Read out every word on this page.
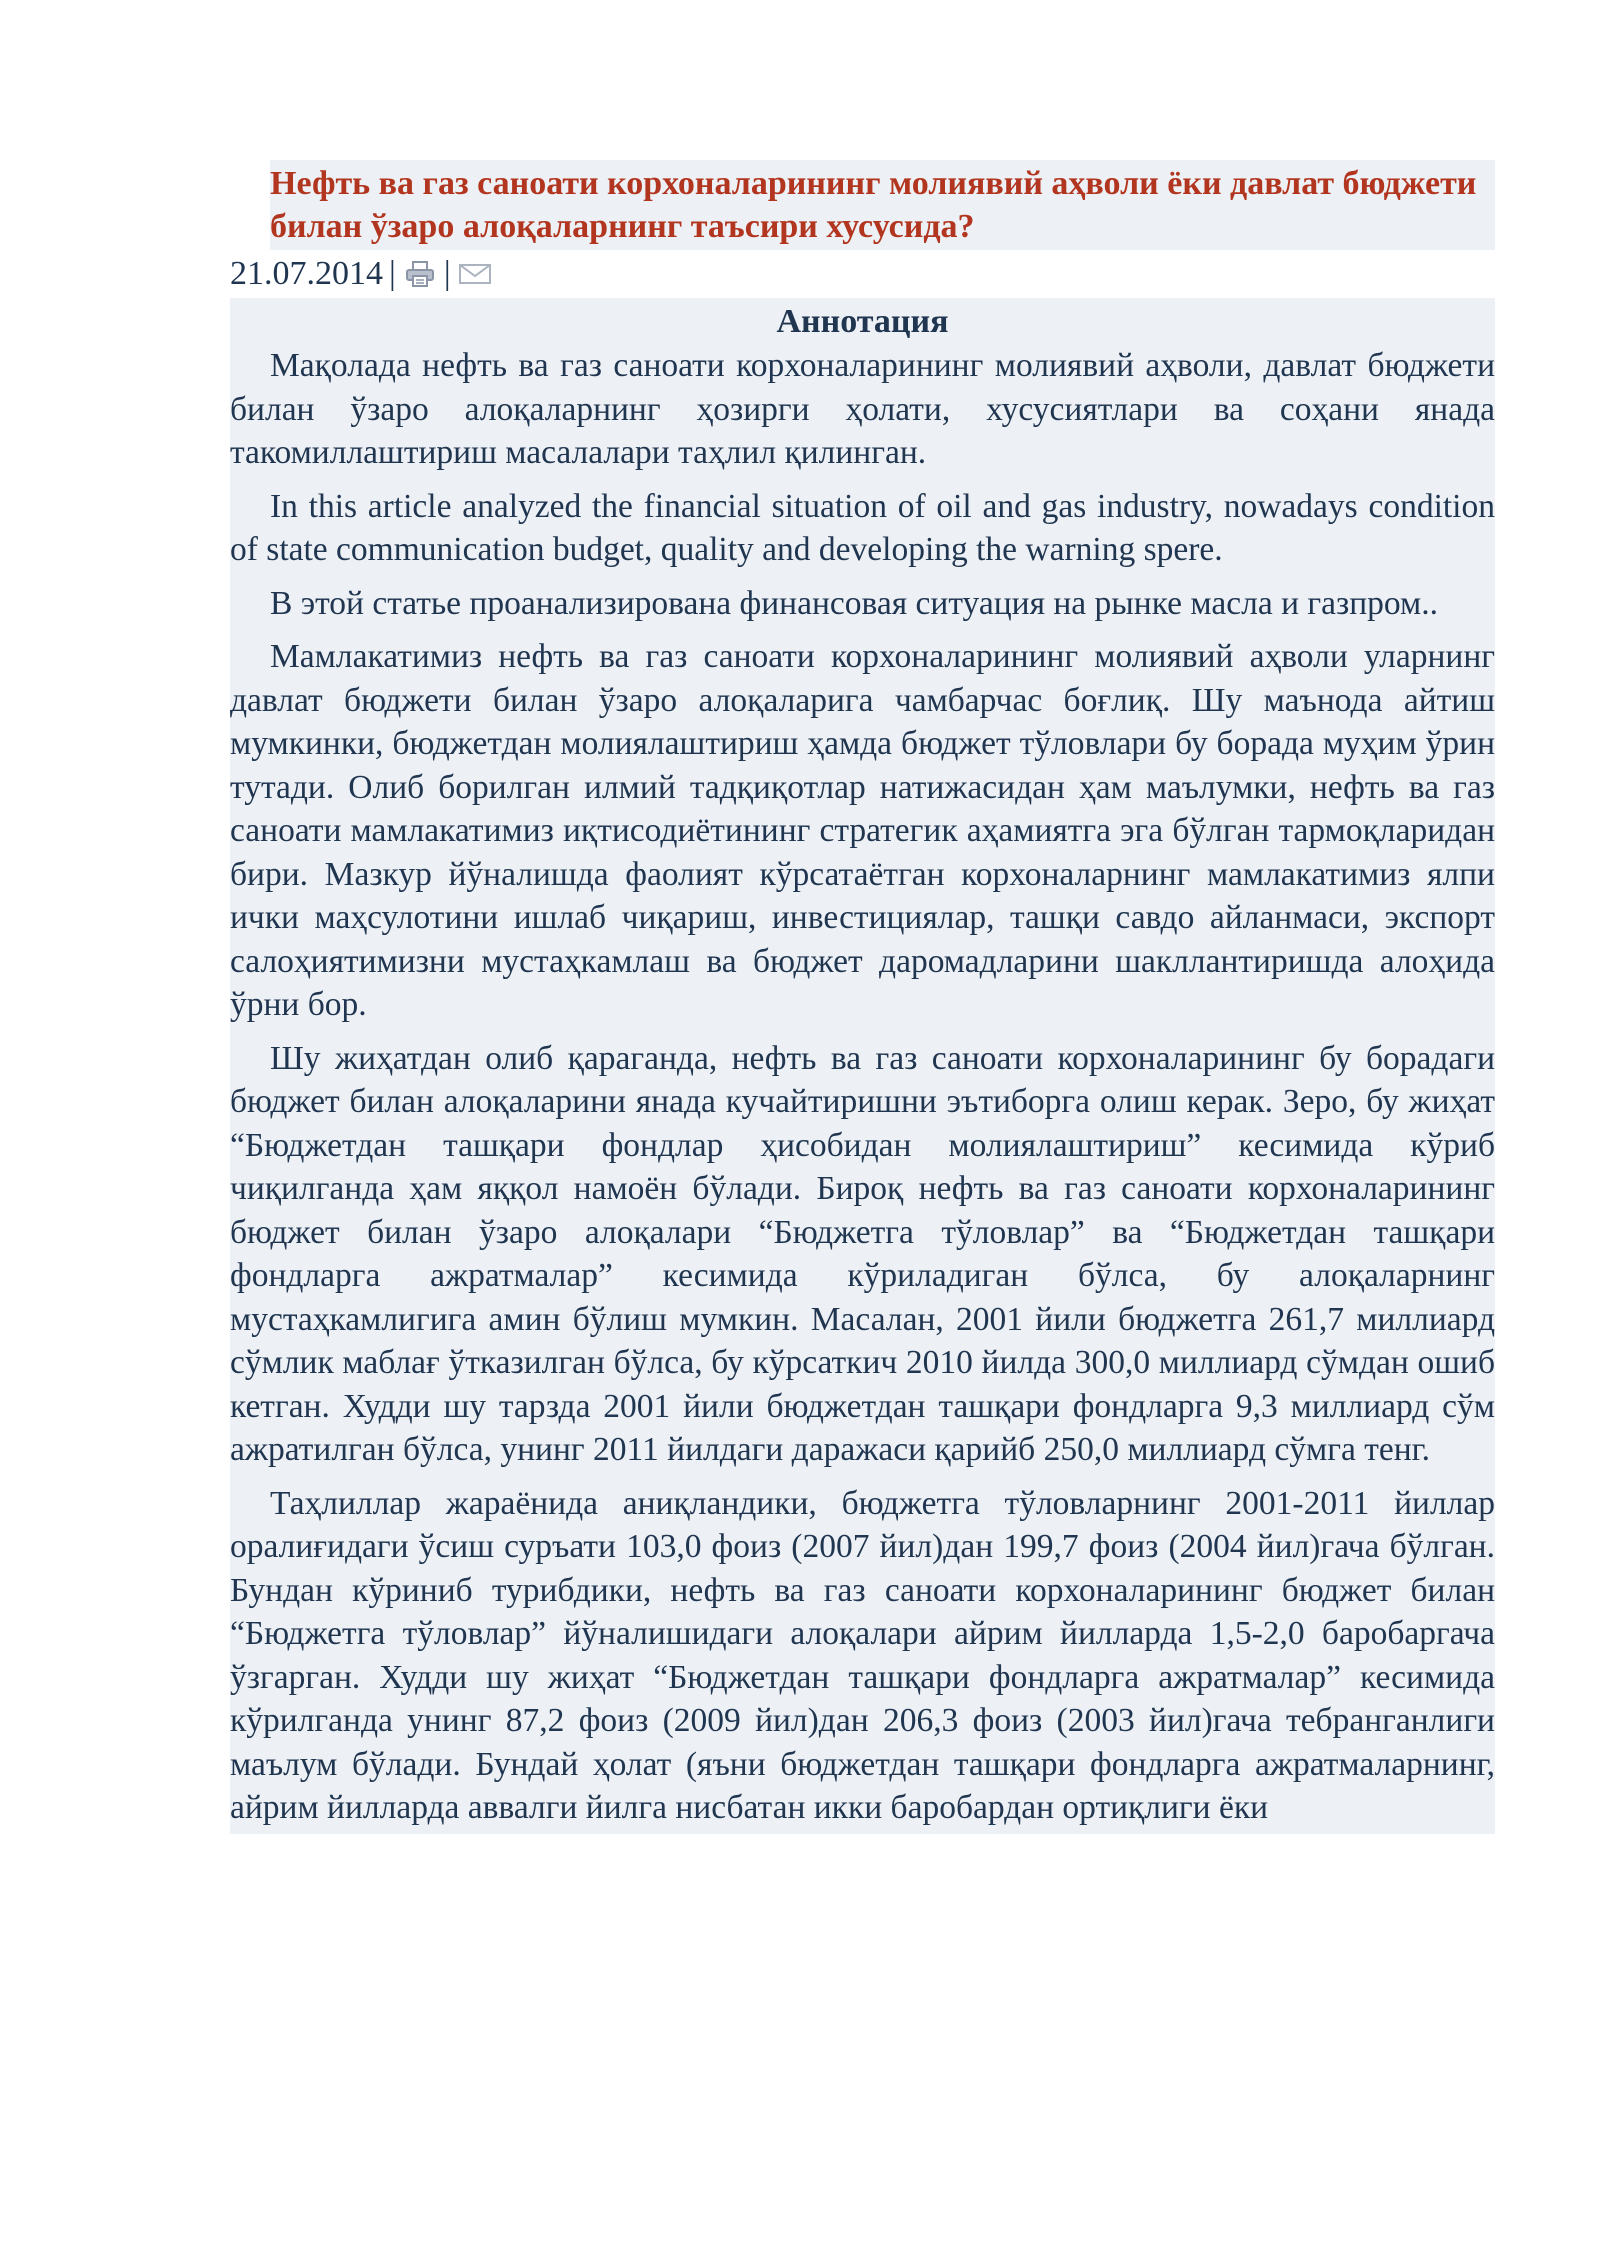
Нефть ва газ саноати корхоналарининг молиявий аҳволи ёки давлат бюджети билан ўзаро алоқаларнинг таъсири хусусида?
21.07.2014 | |
Аннотация

Мақолада нефть ва газ саноати корхоналарининг молиявий аҳволи, давлат бюджети билан ўзаро алоқаларнинг ҳозирги ҳолати, хусусиятлари ва соҳани янада такомиллаштириш масалалари таҳлил қилинган.

In this article analyzed the financial situation of oil and gas industry, nowadays condition of state communication budget, quality and developing the warning spere.

В этой статье проанализирована финансовая ситуация на рынке масла и газпром..

Мамлакатимиз нефть ва газ саноати корхоналарининг молиявий аҳволи уларнинг давлат бюджети билан ўзаро алоқаларига чамбарчас боғлиқ. Шу маънода айтиш мумкинки, бюджетдан молиялаштириш ҳамда бюджет тўловлари бу борада муҳим ўрин тутади. Олиб борилган илмий тадқиқотлар натижасидан ҳам маълумки, нефть ва газ саноати мамлакатимиз иқтисодиётининг стратегик аҳамиятга эга бўлган тармоқларидан бири. Мазкур йўналишда фаолият кўрсатаётган корхоналарнинг мамлакатимиз ялпи ички маҳсулотини ишлаб чиқариш, инвестициялар, ташқи савдо айланмаси, экспорт салоҳиятимизни мустаҳкамлаш ва бюджет даромадларини шакллантиришда алоҳида ўрни бор.

Шу жиҳатдан олиб қараганда, нефть ва газ саноати корхоналарининг бу борадаги бюджет билан алоқаларини янада кучайтиришни эътиборга олиш керак. Зеро, бу жиҳат “Бюджетдан ташқари фондлар ҳисобидан молиялаштириш” кесимида кўриб чиқилганда ҳам яққол намоён бўлади. Бироқ нефть ва газ саноати корхоналарининг бюджет билан ўзаро алоқалари “Бюджетга тўловлар” ва “Бюджетдан ташқари фондларга ажратмалар” кесимида кўриладиган бўлса, бу алоқаларнинг мустаҳкамлигига амин бўлиш мумкин. Масалан, 2001 йили бюджетга 261,7 миллиард сўмлик маблағ ўтказилган бўлса, бу кўрсаткич 2010 йилда 300,0 миллиард сўмдан ошиб кетган. Худди шу тарзда 2001 йили бюджетдан ташқари фондларга 9,3 миллиард сўм ажратилган бўлса, унинг 2011 йилдаги даражаси қарийб 250,0 миллиард сўмга тенг.

Таҳлиллар жараёнида аниқландики, бюджетга тўловларнинг 2001-2011 йиллар оралиғидаги ўсиш суръати 103,0 фоиз (2007 йил)дан 199,7 фоиз (2004 йил)гача бўлган. Бундан кўриниб турибдики, нефть ва газ саноати корхоналарининг бюджет билан “Бюджетга тўловлар” йўналишидаги алоқалари айрим йилларда 1,5-2,0 баробаргача ўзгарган. Худди шу жиҳат “Бюджетдан ташқари фондларга ажратмалар” кесимида кўрилганда унинг 87,2 фоиз (2009 йил)дан 206,3 фоиз (2003 йил)гача тебранганлиги маълум бўлади. Бундай ҳолат (яъни бюджетдан ташқари фондларга ажратмаларнинг, айрим йилларда аввалги йилга нисбатан икки баробардан ортиқлиги ёки
